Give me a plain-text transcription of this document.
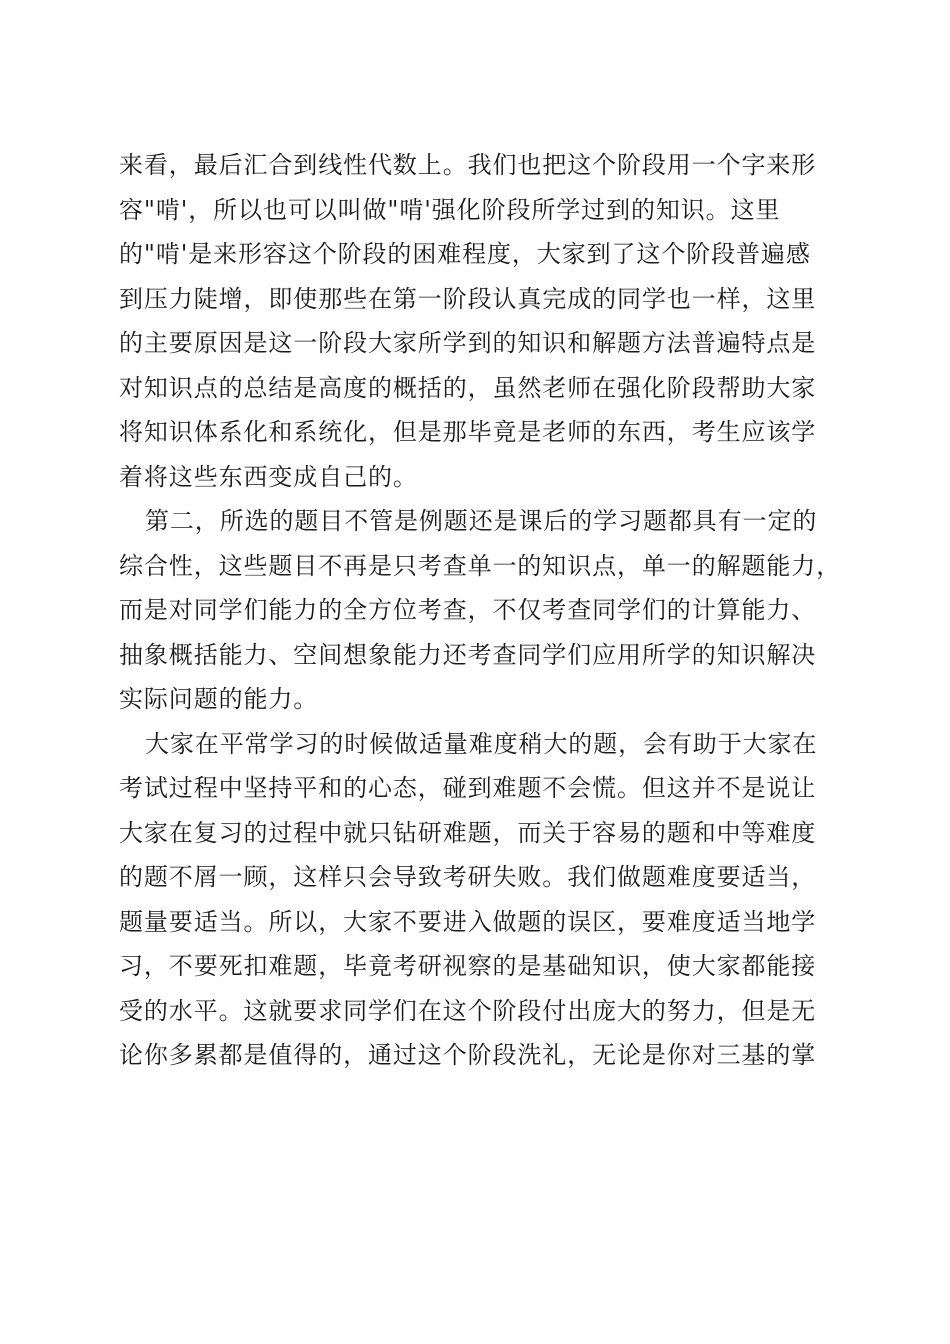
来看，最后汇合到线性代数上。我们也把这个阶段用一个字来形
容"啃'，所以也可以叫做"啃'强化阶段所学过到的知识。这里
的"啃'是来形容这个阶段的困难程度，大家到了这个阶段普遍感
到压力陡增，即使那些在第一阶段认真完成的同学也一样，这里
的主要原因是这一阶段大家所学到的知识和解题方法普遍特点是
对知识点的总结是高度的概括的，虽然老师在强化阶段帮助大家
将知识体系化和系统化，但是那毕竟是老师的东西，考生应该学
着将这些东西变成自己的。
第二，所选的题目不管是例题还是课后的学习题都具有一定的
综合性，这些题目不再是只考查单一的知识点，单一的解题能力，
而是对同学们能力的全方位考查，不仅考查同学们的计算能力、
抽象概括能力、空间想象能力还考查同学们应用所学的知识解决
实际问题的能力。
大家在平常学习的时候做适量难度稍大的题，会有助于大家在
考试过程中坚持平和的心态，碰到难题不会慌。但这并不是说让
大家在复习的过程中就只钻研难题，而关于容易的题和中等难度
的题不屑一顾，这样只会导致考研失败。我们做题难度要适当，
题量要适当。所以，大家不要进入做题的误区，要难度适当地学
习，不要死扣难题，毕竟考研视察的是基础知识，使大家都能接
受的水平。这就要求同学们在这个阶段付出庞大的努力，但是无
论你多累都是值得的，通过这个阶段洗礼，无论是你对三基的掌
